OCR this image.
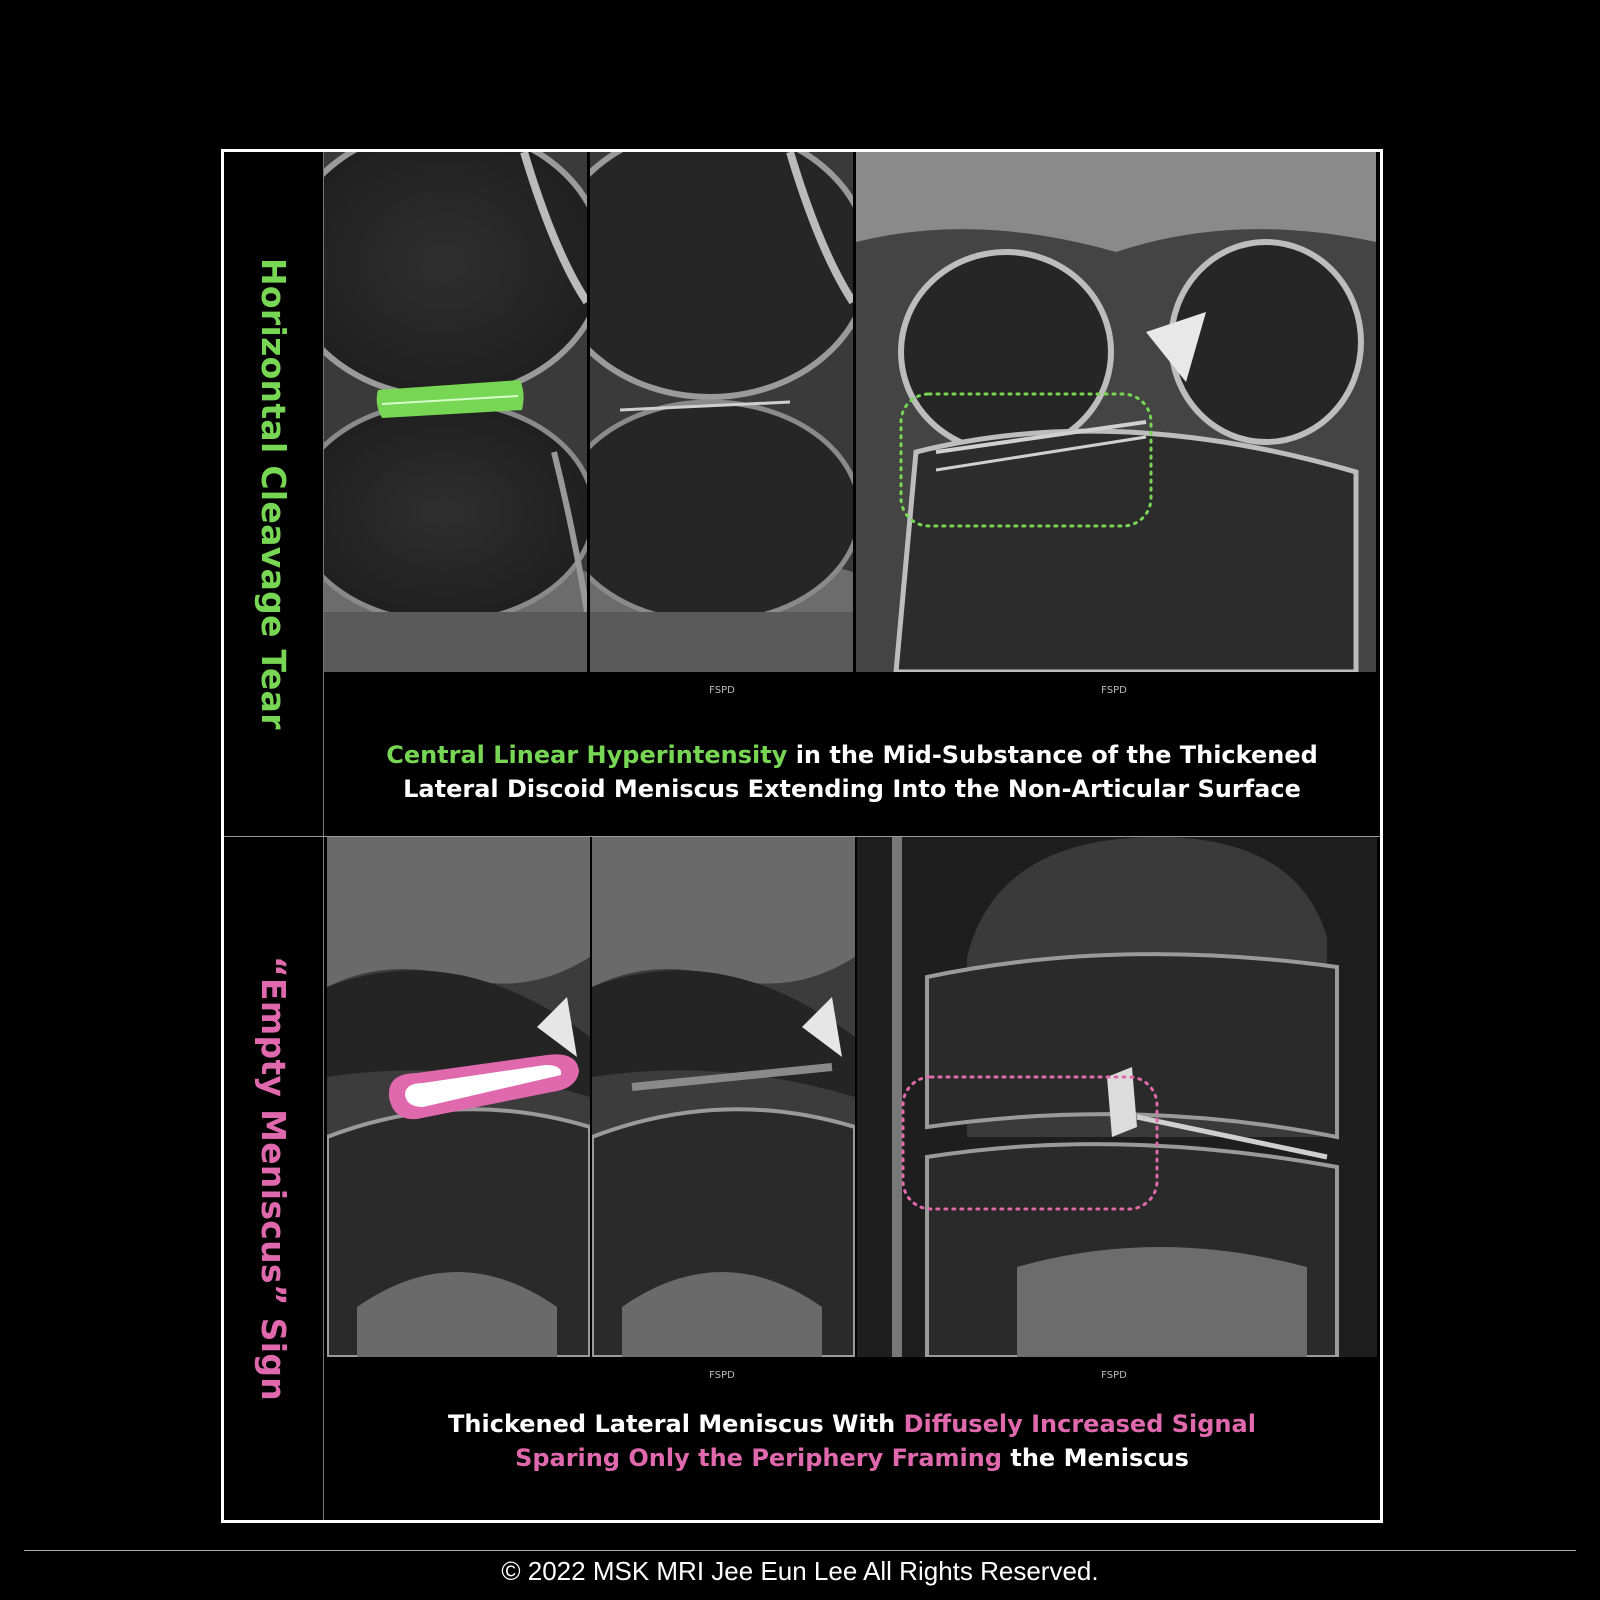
Horizontal Cleavage Tear
“Empty Meniscus” Sign
FSPD	FSPD
Central Linear Hyperintensity in the Mid-Substance of the Thickened
Lateral Discoid Meniscus Extending Into the Non-Articular Surface
FSPD	FSPD
Thickened Lateral Meniscus With Diffusely Increased Signal
Sparing Only the Periphery Framing the Meniscus
© 2022 MSK MRI Jee Eun Lee All Rights Reserved.
